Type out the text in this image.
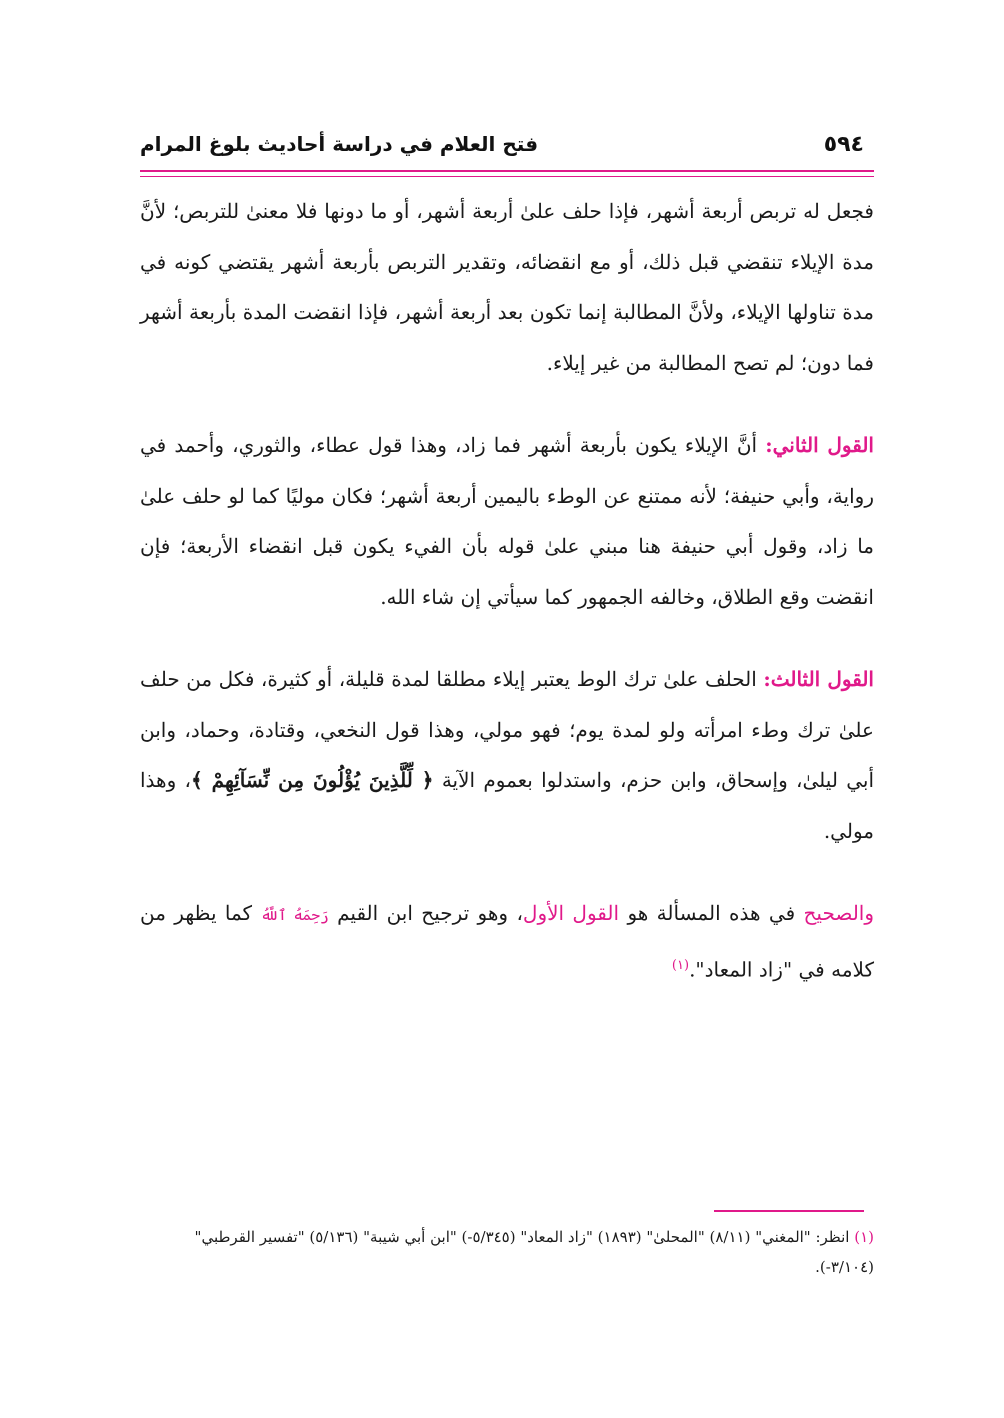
٥٩٤
فتح العلام في دراسة أحاديث بلوغ المرام

فجعل له تربص أربعة أشهر، فإذا حلف علىٰ أربعة أشهر، أو ما دونها فلا معنىٰ للتربص؛ لأنَّ مدة الإيلاء تنقضي قبل ذلك، أو مع انقضائه، وتقدير التربص بأربعة أشهر يقتضي كونه في مدة تناولها الإيلاء، ولأنَّ المطالبة إنما تكون بعد أربعة أشهر، فإذا انقضت المدة بأربعة أشهر فما دون؛ لم تصح المطالبة من غير إيلاء.

القول الثاني: أنَّ الإيلاء يكون بأربعة أشهر فما زاد، وهذا قول عطاء، والثوري، وأحمد في رواية، وأبي حنيفة؛ لأنه ممتنع عن الوطء باليمين أربعة أشهر؛ فكان موليًا كما لو حلف علىٰ ما زاد، وقول أبي حنيفة هنا مبني علىٰ قوله بأن الفيء يكون قبل انقضاء الأربعة؛ فإن انقضت وقع الطلاق، وخالفه الجمهور كما سيأتي إن شاء الله.

القول الثالث: الحلف علىٰ ترك الوط يعتبر إيلاء مطلقا لمدة قليلة، أو كثيرة، فكل من حلف علىٰ ترك وطء امرأته ولو لمدة يوم؛ فهو مولي، وهذا قول النخعي، وقتادة، وحماد، وابن أبي ليلىٰ، وإسحاق، وابن حزم، واستدلوا بعموم الآية ﴿ لِّلَّذِينَ يُؤْلُونَ مِن نِّسَآئِهِمْ ﴾، وهذا مولي.

والصحيح في هذه المسألة هو القول الأول، وهو ترجيح ابن القيم رَحِمَهُ ٱللَّهُ كما يظهر من كلامه في "زاد المعاد".$^{(١)}$

(١) انظر: "المغني" (٨/١١) "المحلىٰ" (١٨٩٣) "زاد المعاد" (٥/٣٤٥-) "ابن أبي شيبة" (٥/١٣٦) "تفسير القرطبي" (٣/١٠٤-).
